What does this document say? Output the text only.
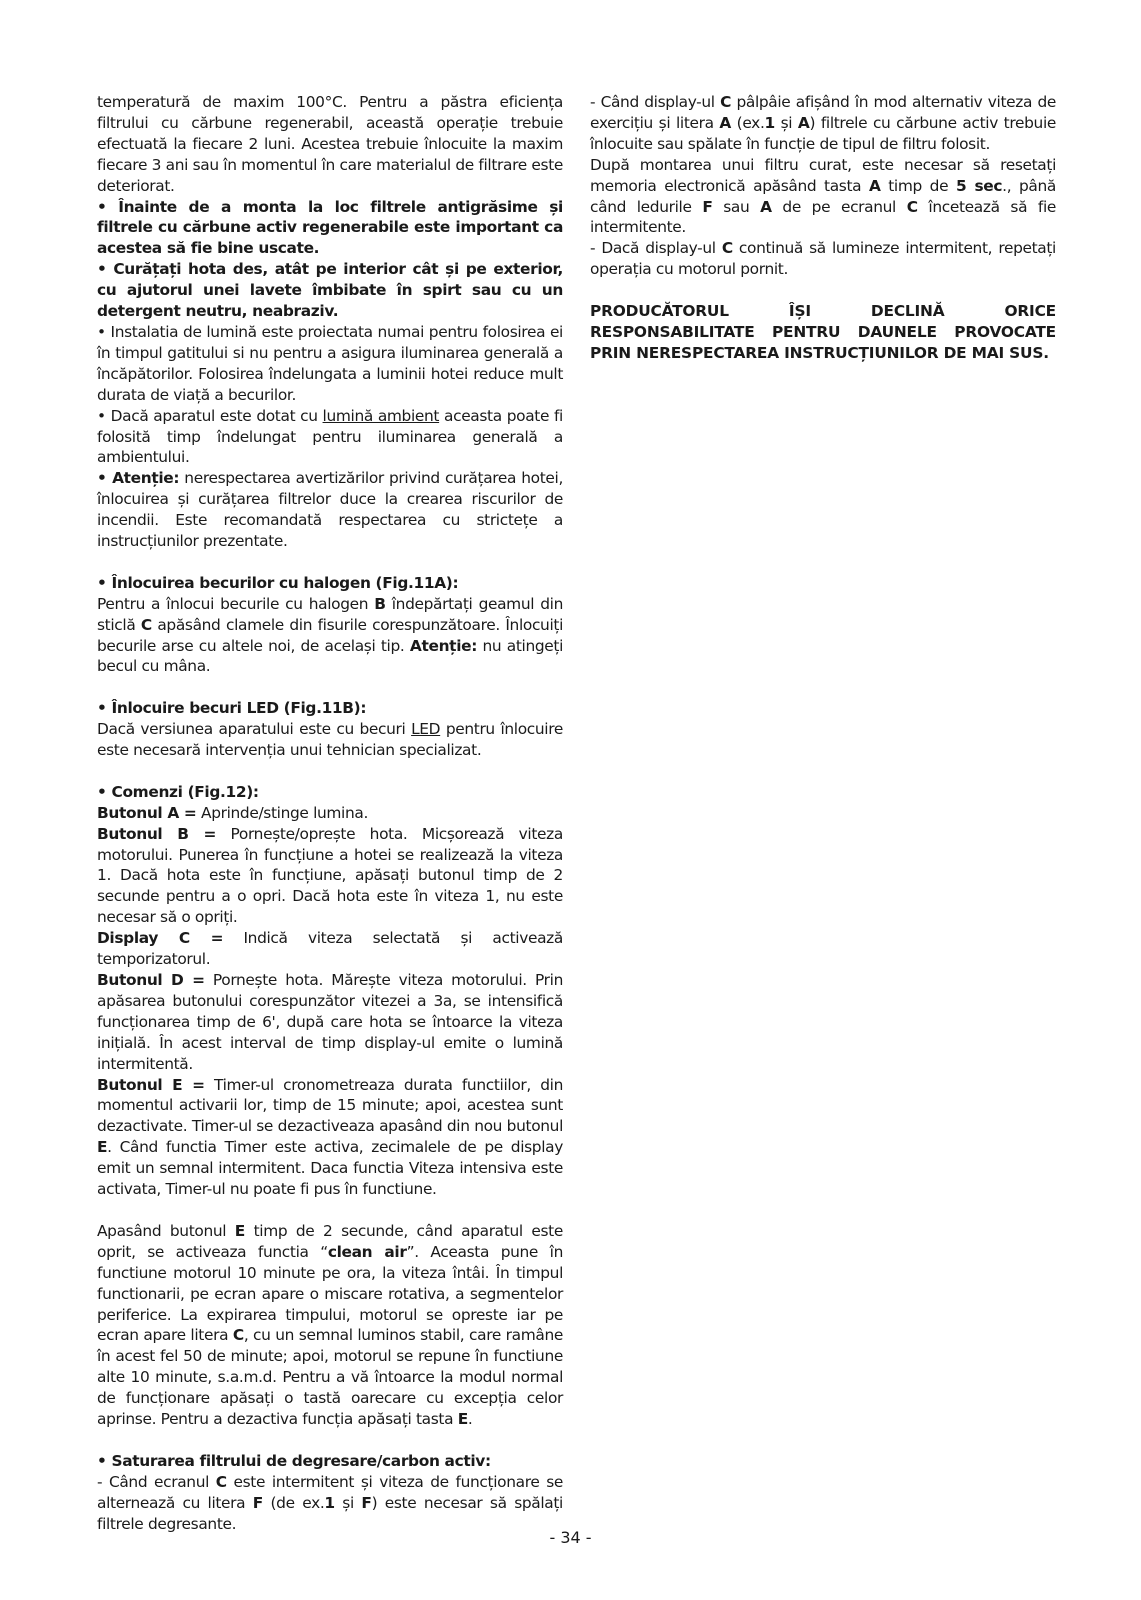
temperatură de maxim 100°C. Pentru a păstra eficiența filtrului cu cărbune regenerabil, această operație trebuie efectuată la fiecare 2 luni. Acestea trebuie înlocuite la maxim fiecare 3 ani sau în momentul în care materialul de filtrare este deteriorat.

• Înainte de a monta la loc filtrele antigrăsime și filtrele cu cărbune activ regenerabile este important ca acestea să fie bine uscate.

• Curățați hota des, atât pe interior cât și pe exterior, cu ajutorul unei lavete îmbibate în spirt sau cu un detergent neutru, neabraziv.

• Instalatia de lumină este proiectata numai pentru folosirea ei în timpul gatitului si nu pentru a asigura iluminarea generală a încăpătorilor. Folosirea îndelungata a luminii hotei reduce mult durata de viață a becurilor.

• Dacă aparatul este dotat cu lumină ambient aceasta poate fi folosită timp îndelungat pentru iluminarea generală a ambientului.

• Atenție: nerespectarea avertizărilor privind curățarea hotei, înlocuirea și curățarea filtrelor duce la crearea riscurilor de incendii. Este recomandată respectarea cu strictețe a instrucțiunilor prezentate.

• Înlocuirea becurilor cu halogen (Fig.11A):

Pentru a înlocui becurile cu halogen B îndepărtați geamul din sticlă C apăsând clamele din fisurile corespunzătoare. Înlocuiți becurile arse cu altele noi, de același tip. Atenție: nu atingeți becul cu mâna.

• Înlocuire becuri LED (Fig.11B):

Dacă versiunea aparatului este cu becuri LED pentru înlocuire este necesară intervenția unui tehnician specializat.

• Comenzi (Fig.12):

Butonul A = Aprinde/stinge lumina.

Butonul B = Pornește/oprește hota. Micșorează viteza motorului. Punerea în funcțiune a hotei se realizează la viteza 1. Dacă hota este în funcțiune, apăsați butonul timp de 2 secunde pentru a o opri. Dacă hota este în viteza 1, nu este necesar să o opriți.

Display C = Indică viteza selectată și activează temporizatorul.

Butonul D = Pornește hota. Mărește viteza motorului. Prin apăsarea butonului corespunzător vitezei a 3a, se intensifică funcționarea timp de 6', după care hota se întoarce la viteza inițială. În acest interval de timp display-ul emite o lumină intermitentă.

Butonul E = Timer-ul cronometreaza durata functiilor, din momentul activarii lor, timp de 15 minute; apoi, acestea sunt dezactivate. Timer-ul se dezactiveaza apasând din nou butonul E. Când functia Timer este activa, zecimalele de pe display emit un semnal intermitent. Daca functia Viteza intensiva este activata, Timer-ul nu poate fi pus în functiune.

Apasând butonul E timp de 2 secunde, când aparatul este oprit, se activeaza functia “clean air”. Aceasta pune în functiune motorul 10 minute pe ora, la viteza întâi. În timpul functionarii, pe ecran apare o miscare rotativa, a segmentelor periferice. La expirarea timpului, motorul se opreste iar pe ecran apare litera C, cu un semnal luminos stabil, care ramâne în acest fel 50 de minute; apoi, motorul se repune în functiune alte 10 minute, s.a.m.d. Pentru a vă întoarce la modul normal de funcționare apăsați o tastă oarecare cu excepția celor aprinse. Pentru a dezactiva funcția apăsați tasta E.

• Saturarea filtrului de degresare/carbon activ:

- Când ecranul C este intermitent și viteza de funcționare se alternează cu litera F (de ex.1 și F) este necesar să spălați filtrele degresante.

- Când display-ul C pâlpâie afișând în mod alternativ viteza de exercițiu și litera A (ex.1 și A) filtrele cu cărbune activ trebuie înlocuite sau spălate în funcție de tipul de filtru folosit.

După montarea unui filtru curat, este necesar să resetați memoria electronică apăsând tasta A timp de 5 sec., până când ledurile F sau A de pe ecranul C încetează să fie intermitente.

- Dacă display-ul C continuă să lumineze intermitent, repetați operația cu motorul pornit.

PRODUCĂTORUL ÎȘI DECLINĂ ORICE RESPONSABILITATE PENTRU DAUNELE PROVOCATE PRIN NERESPECTAREA INSTRUCȚIUNILOR DE MAI SUS.

- 34 -
